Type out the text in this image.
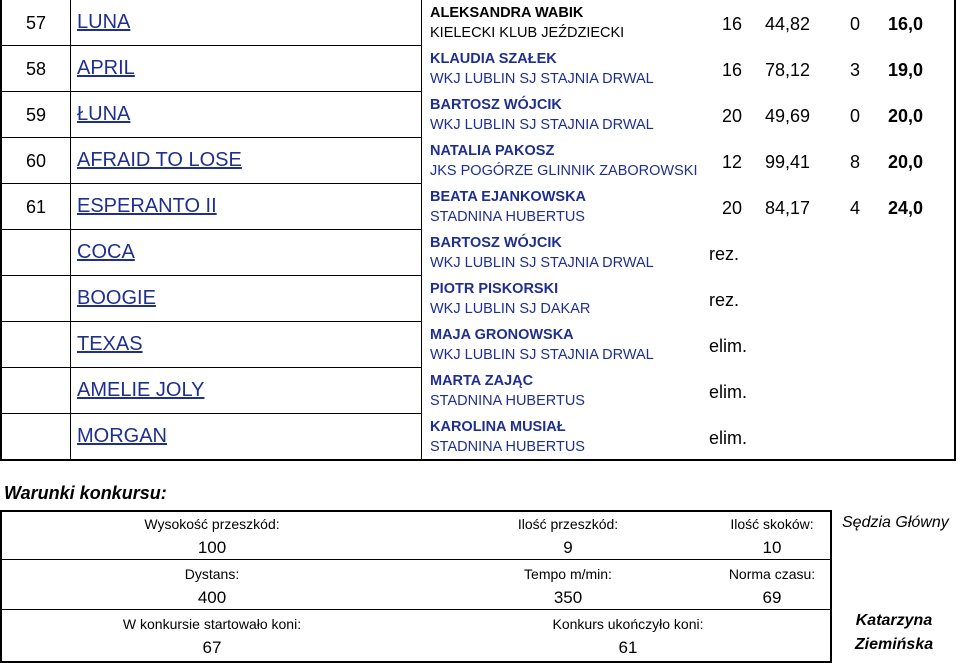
57 LUNA	ALEKSANDRA WABIK
KIELECKI KLUB JEŹDZIECKI	16 44,82 0 16,0
58 APRIL	KLAUDIA SZAŁEK
WKJ LUBLIN SJ STAJNIA DRWAL	16 78,12 3 19,0
59 ŁUNA	BARTOSZ WÓJCIK
WKJ LUBLIN SJ STAJNIA DRWAL	20 49,69 0 20,0
60 AFRAID TO LOSE	NATALIA PAKOSZ
JKS POGÓRZE GLINNIK ZABOROWSKI 12 99,41 8 20,0
61 ESPERANTO II	BEATA EJANKOWSKA
STADNINA HUBERTUS	20 84,17 4 24,0
COCA	BARTOSZ WÓJCIK
WKJ LUBLIN SJ STAJNIA DRWAL	rez.
BOOGIE	PIOTR PISKORSKI
WKJ LUBLIN SJ DAKAR	rez.
TEXAS	MAJA GRONOWSKA
WKJ LUBLIN SJ STAJNIA DRWAL	elim.
AMELIE JOLY	MARTA ZAJĄC
STADNINA HUBERTUS	elim.
MORGAN	KAROLINA MUSIAŁ
STADNINA HUBERTUS	elim.
Warunki konkursu:
Wysokość przeszkód:
100
Ilość przeszkód:
9
Ilość skoków:
10
Dystans:
400
Tempo m/min:
350
Norma czasu:
69
W konkursie startowało koni:
67
Konkurs ukończyło koni:
61
Sędzia Główny
Katarzyna
Ziemińska
